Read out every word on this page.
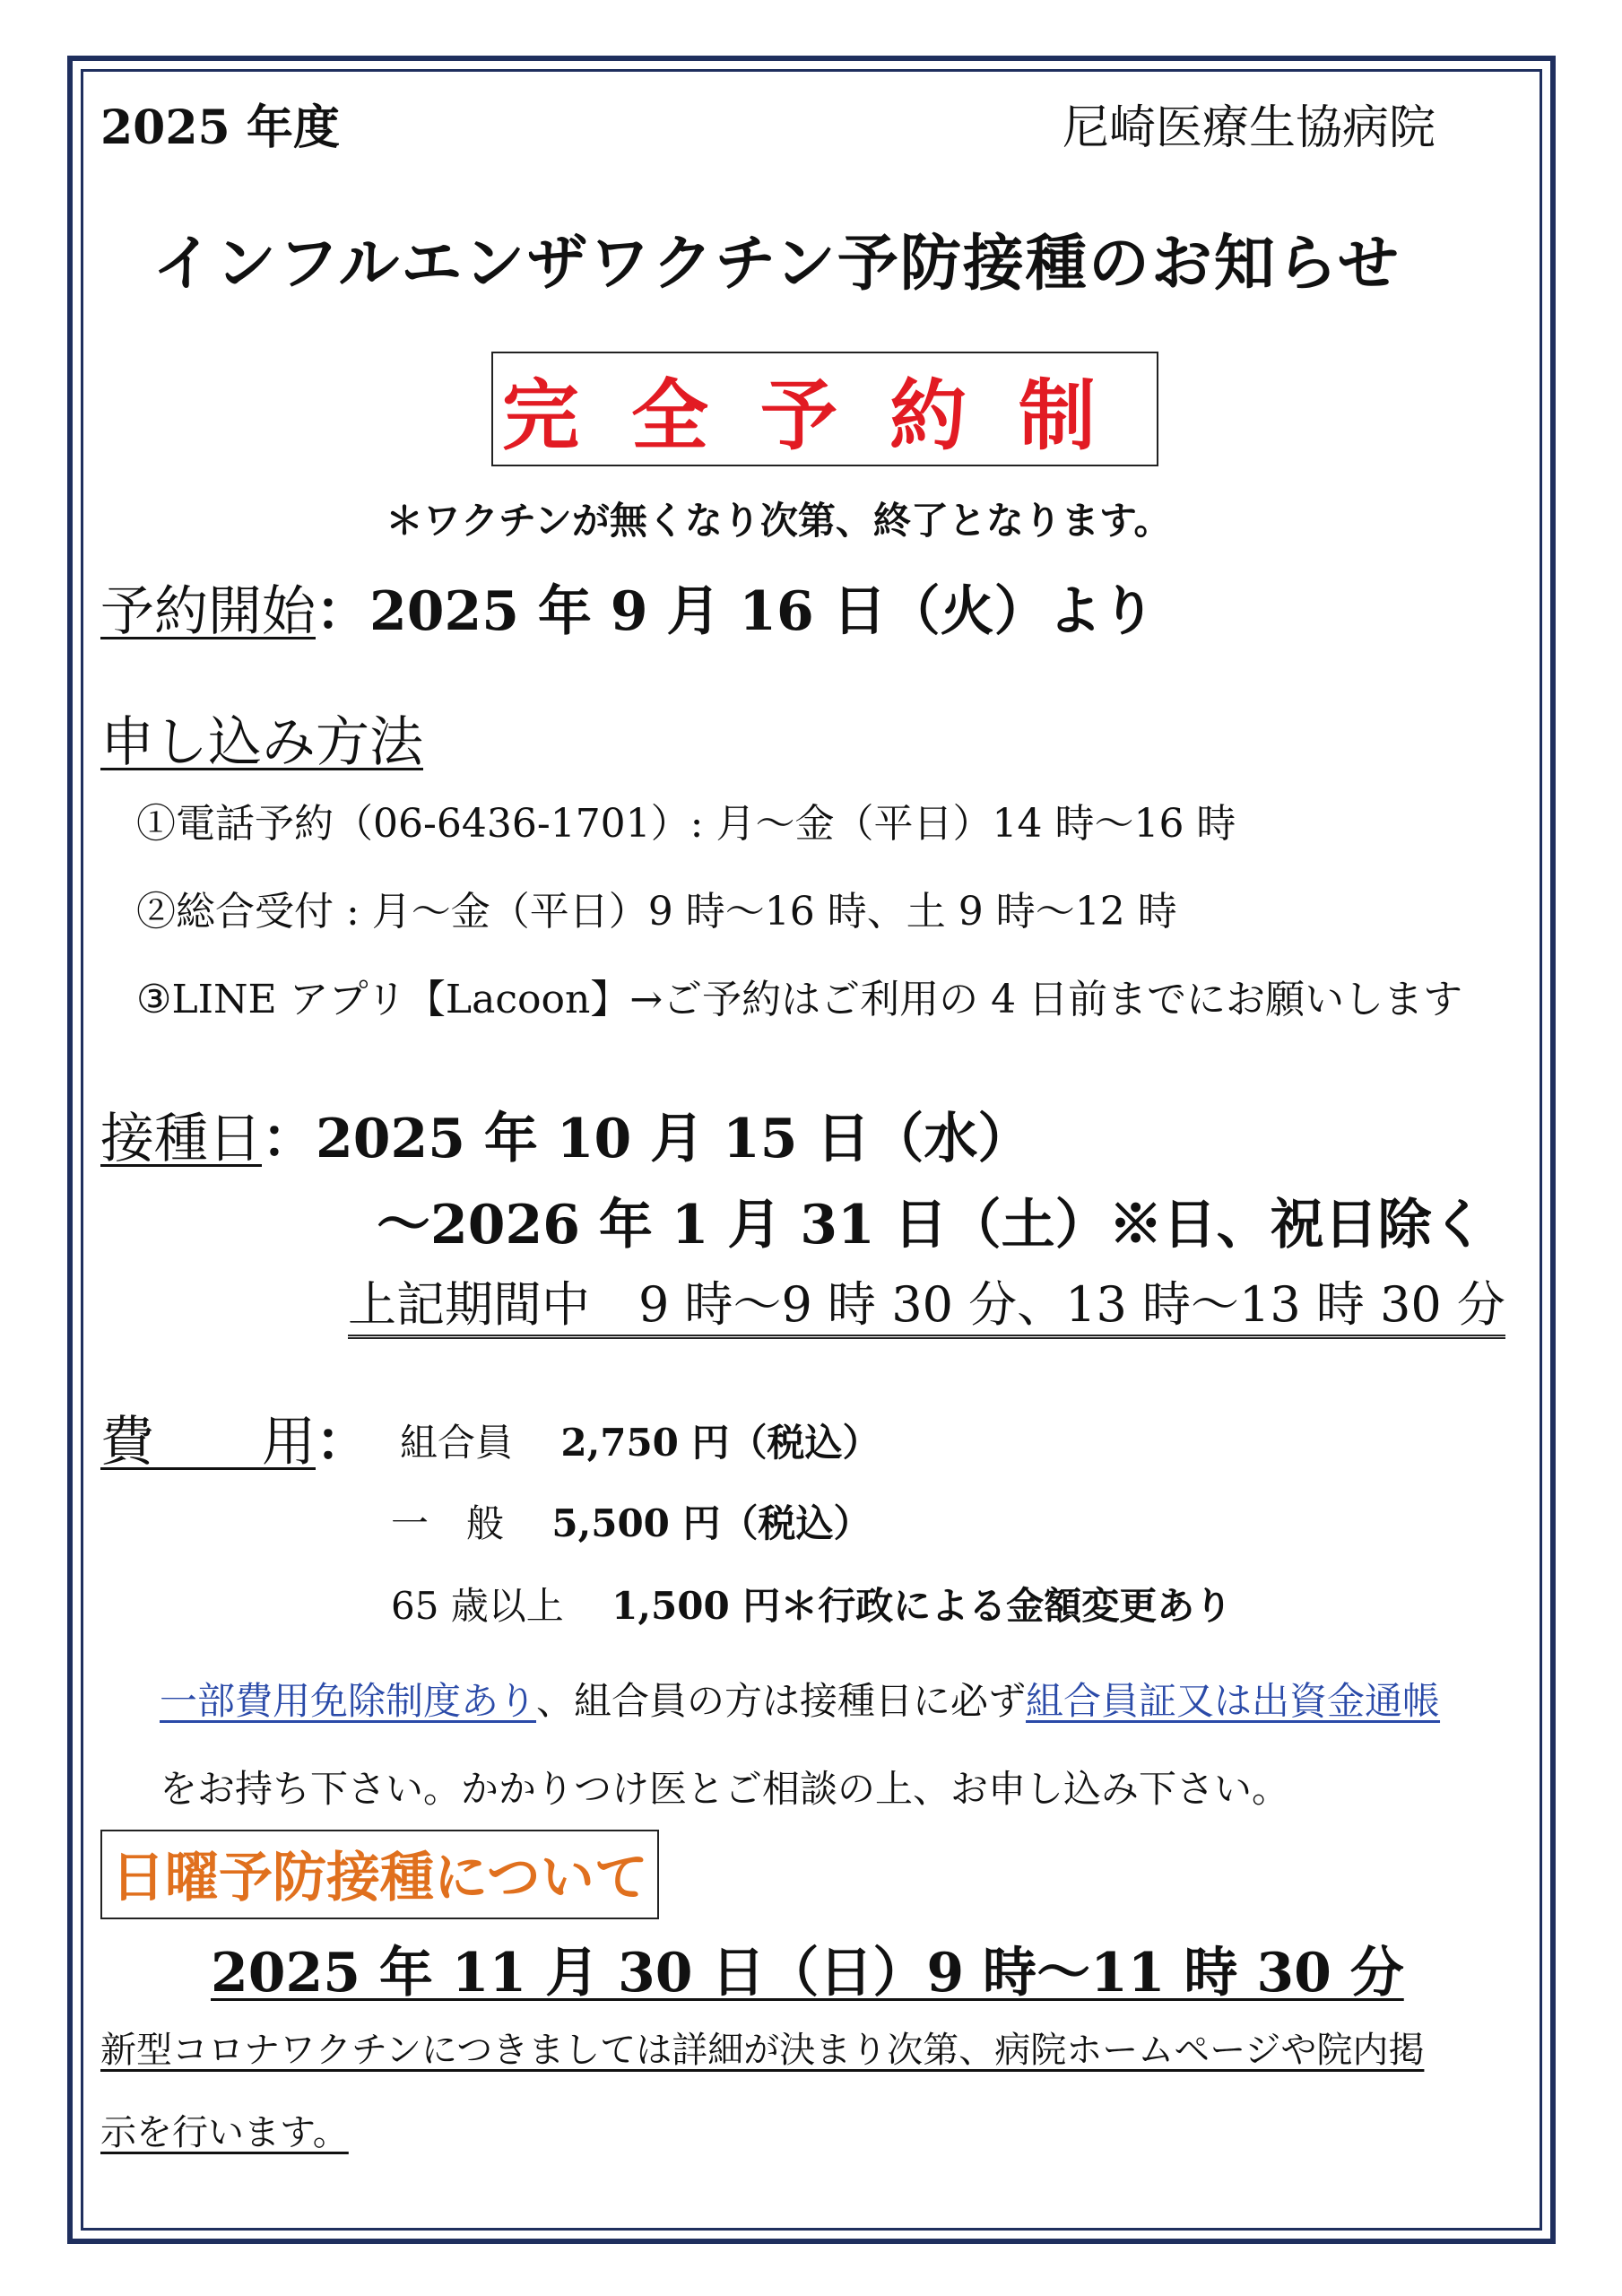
2025 年度	尼崎医療生協病院
インフルエンザワクチン予防接種のお知らせ
完全予約制
＊ワクチンが無くなり次第、終了となります。
予約開始：2025 年 9 月 16 日（火）より
申し込み方法
①電話予約（06-6436-1701）: 月～金（平日）14 時～16 時
②総合受付 : 月～金（平日）9 時～16 時、土 9 時～12 時
③LINE アプリ【Lacoon】→ご予約はご利用の 4 日前までにお願いします
接種日：2025 年 10 月 15 日（水）
～2026 年 1 月 31 日（土）※日、祝日除く
上記期間中　9 時～9 時 30 分、13 時～13 時 30 分
費　　用： 組合員 2,750 円（税込）
一　般 5,500 円（税込）
65 歳以上 1,500 円＊行政による金額変更あり
一部費用免除制度あり、組合員の方は接種日に必ず組合員証又は出資金通帳
をお持ち下さい。かかりつけ医とご相談の上、お申し込み下さい。
日曜予防接種について
2025 年 11 月 30 日（日）9 時～11 時 30 分
新型コロナワクチンにつきましては詳細が決まり次第、病院ホームページや院内掲
示を行います。
